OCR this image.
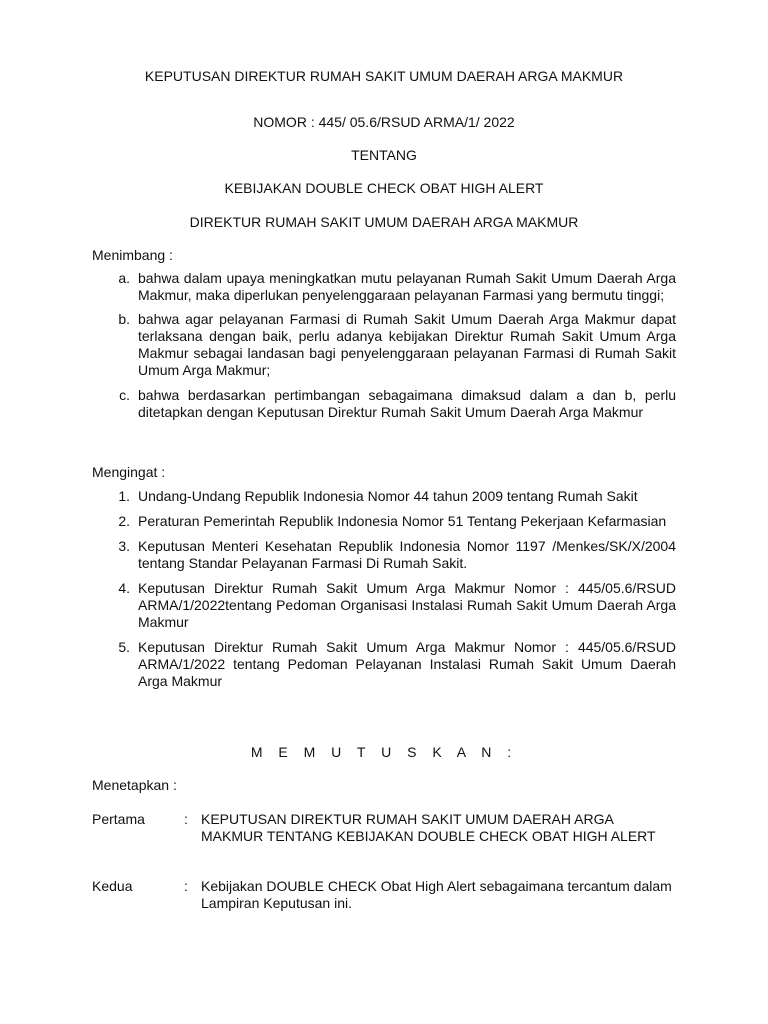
KEPUTUSAN DIREKTUR RUMAH SAKIT UMUM DAERAH ARGA MAKMUR
NOMOR : 445/ 05.6/RSUD ARMA/1/ 2022
TENTANG
KEBIJAKAN DOUBLE CHECK OBAT HIGH ALERT
DIREKTUR RUMAH SAKIT UMUM DAERAH ARGA MAKMUR
Menimbang :
a. bahwa dalam upaya meningkatkan mutu pelayanan Rumah Sakit Umum Daerah Arga Makmur, maka diperlukan penyelenggaraan pelayanan Farmasi yang bermutu tinggi;
b. bahwa agar pelayanan Farmasi di Rumah Sakit Umum Daerah Arga Makmur dapat terlaksana dengan baik, perlu adanya kebijakan Direktur Rumah Sakit Umum Arga Makmur sebagai landasan bagi penyelenggaraan pelayanan Farmasi di Rumah Sakit Umum Arga Makmur;
c. bahwa berdasarkan pertimbangan sebagaimana dimaksud dalam a dan b, perlu ditetapkan dengan Keputusan Direktur Rumah Sakit Umum Daerah Arga Makmur
Mengingat :
1. Undang-Undang Republik Indonesia Nomor 44 tahun 2009 tentang Rumah Sakit
2. Peraturan Pemerintah Republik Indonesia Nomor 51 Tentang Pekerjaan Kefarmasian
3. Keputusan Menteri Kesehatan Republik Indonesia Nomor 1197 /Menkes/SK/X/2004 tentang Standar Pelayanan Farmasi Di Rumah Sakit.
4. Keputusan Direktur Rumah Sakit Umum Arga Makmur Nomor : 445/05.6/RSUD ARMA/1/2022tentang Pedoman Organisasi Instalasi Rumah Sakit Umum Daerah Arga Makmur
5. Keputusan Direktur Rumah Sakit Umum Arga Makmur Nomor : 445/05.6/RSUD ARMA/1/2022 tentang Pedoman Pelayanan Instalasi Rumah Sakit Umum Daerah Arga Makmur
M E M U T U S K A N :
Menetapkan :
Pertama	: KEPUTUSAN DIREKTUR RUMAH SAKIT UMUM DAERAH ARGA MAKMUR TENTANG KEBIJAKAN DOUBLE CHECK OBAT HIGH ALERT
Kedua	: Kebijakan DOUBLE CHECK Obat High Alert sebagaimana tercantum dalam Lampiran Keputusan ini.
